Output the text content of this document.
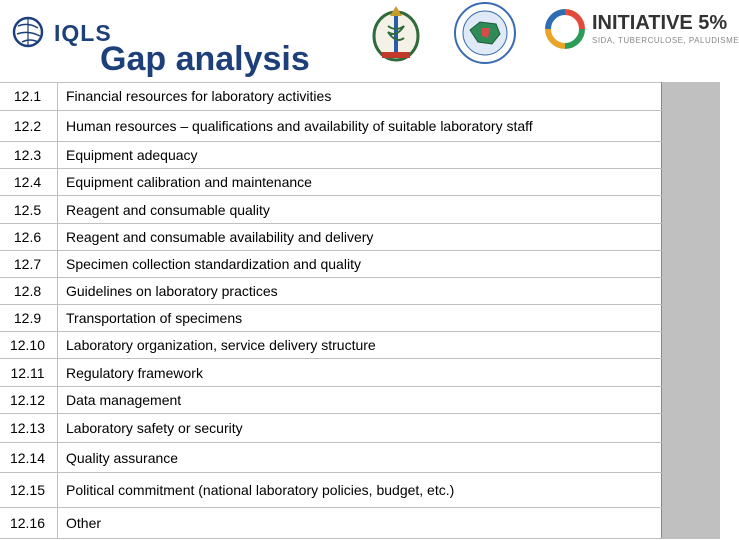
IQLS
Gap analysis
INITIATIVE 5%
SIDA, TUBERCULOSE, PALUDISME
12.1	Financial resources for laboratory activities
12.2	Human resources – qualifications and availability of suitable laboratory staff
12.3	Equipment adequacy
12.4	Equipment calibration and maintenance
12.5	Reagent and consumable quality
12.6	Reagent and consumable availability and delivery
12.7	Specimen collection standardization and quality
12.8	Guidelines on laboratory practices
12.9	Transportation of specimens
12.10	Laboratory organization, service delivery structure
12.11	Regulatory framework
12.12	Data management
12.13	Laboratory safety or security
12.14	Quality assurance
12.15	Political commitment (national laboratory policies, budget, etc.)
12.16	Other
